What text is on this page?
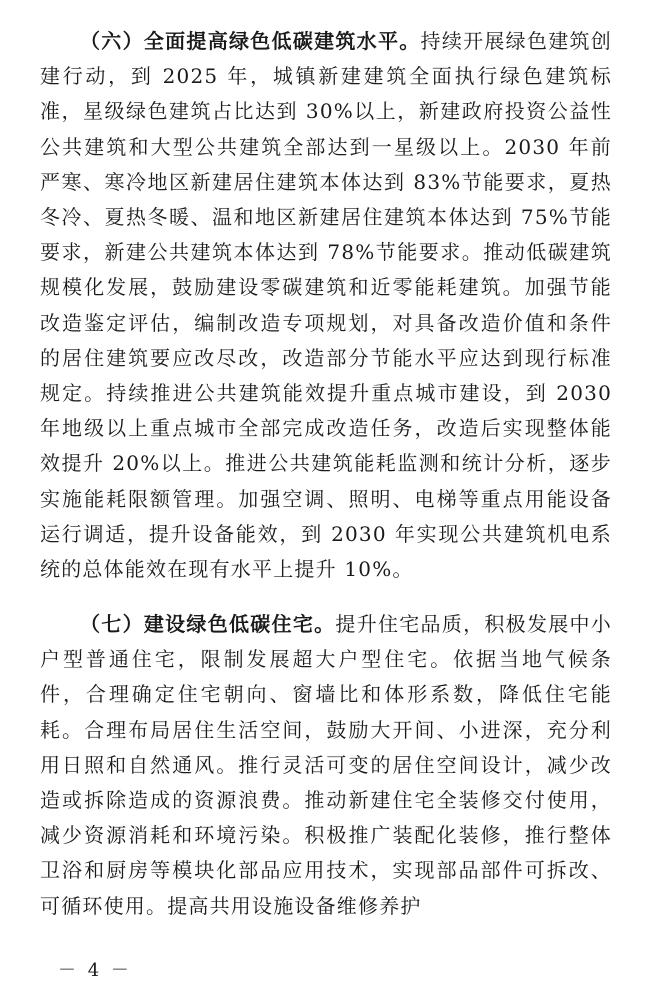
（六）全面提高绿色低碳建筑水平。持续开展绿色建筑创建行动，到 2025 年，城镇新建建筑全面执行绿色建筑标准，星级绿色建筑占比达到 30%以上，新建政府投资公益性公共建筑和大型公共建筑全部达到一星级以上。2030 年前严寒、寒冷地区新建居住建筑本体达到 83%节能要求，夏热冬冷、夏热冬暖、温和地区新建居住建筑本体达到 75%节能要求，新建公共建筑本体达到 78%节能要求。推动低碳建筑规模化发展，鼓励建设零碳建筑和近零能耗建筑。加强节能改造鉴定评估，编制改造专项规划，对具备改造价值和条件的居住建筑要应改尽改，改造部分节能水平应达到现行标准规定。持续推进公共建筑能效提升重点城市建设，到 2030 年地级以上重点城市全部完成改造任务，改造后实现整体能效提升 20%以上。推进公共建筑能耗监测和统计分析，逐步实施能耗限额管理。加强空调、照明、电梯等重点用能设备运行调适，提升设备能效，到 2030 年实现公共建筑机电系统的总体能效在现有水平上提升 10%。

（七）建设绿色低碳住宅。提升住宅品质，积极发展中小户型普通住宅，限制发展超大户型住宅。依据当地气候条件，合理确定住宅朝向、窗墙比和体形系数，降低住宅能耗。合理布局居住生活空间，鼓励大开间、小进深，充分利用日照和自然通风。推行灵活可变的居住空间设计，减少改造或拆除造成的资源浪费。推动新建住宅全装修交付使用，减少资源消耗和环境污染。积极推广装配化装修，推行整体卫浴和厨房等模块化部品应用技术，实现部品部件可拆改、可循环使用。提高共用设施设备维修养护

－ 4 －
